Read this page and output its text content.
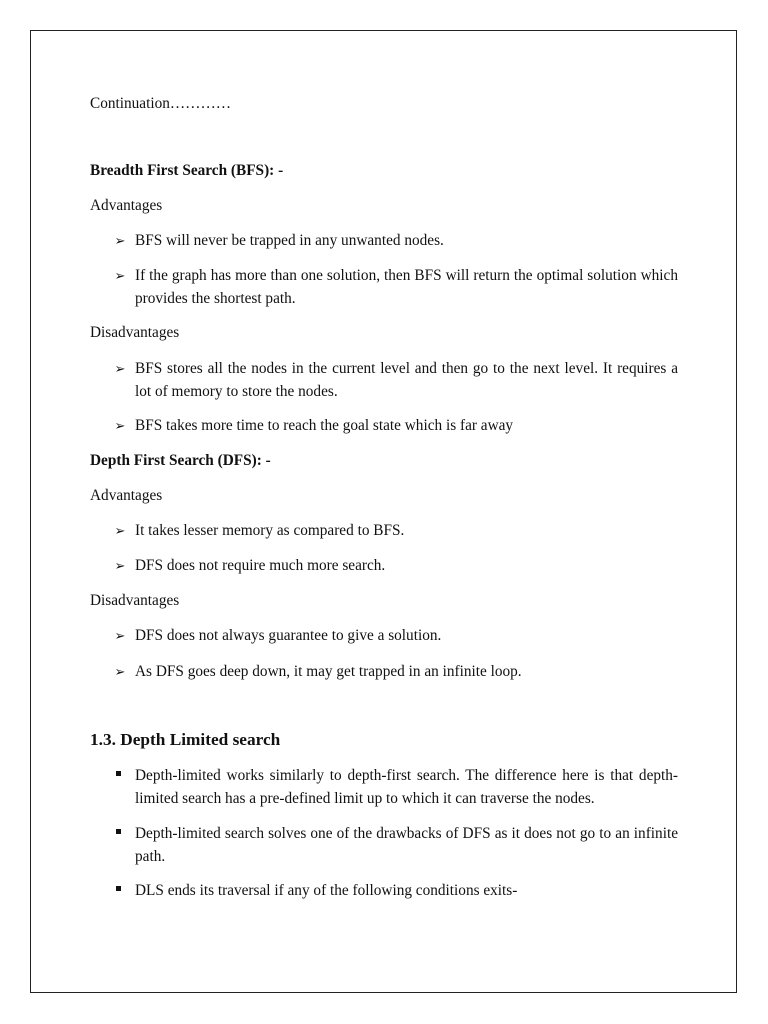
Continuation…………

Breadth First Search (BFS): -

Advantages

➢ BFS will never be trapped in any unwanted nodes.

➢ If the graph has more than one solution, then BFS will return the optimal solution which provides the shortest path.

Disadvantages

➢ BFS stores all the nodes in the current level and then go to the next level. It requires a lot of memory to store the nodes.

➢ BFS takes more time to reach the goal state which is far away

Depth First Search (DFS): -

Advantages

➢ It takes lesser memory as compared to BFS.

➢ DFS does not require much more search.

Disadvantages

➢ DFS does not always guarantee to give a solution.

➢ As DFS goes deep down, it may get trapped in an infinite loop.

1.3. Depth Limited search

Depth-limited works similarly to depth-first search. The difference here is that depth-limited search has a pre-defined limit up to which it can traverse the nodes.

Depth-limited search solves one of the drawbacks of DFS as it does not go to an infinite path.

DLS ends its traversal if any of the following conditions exits-
